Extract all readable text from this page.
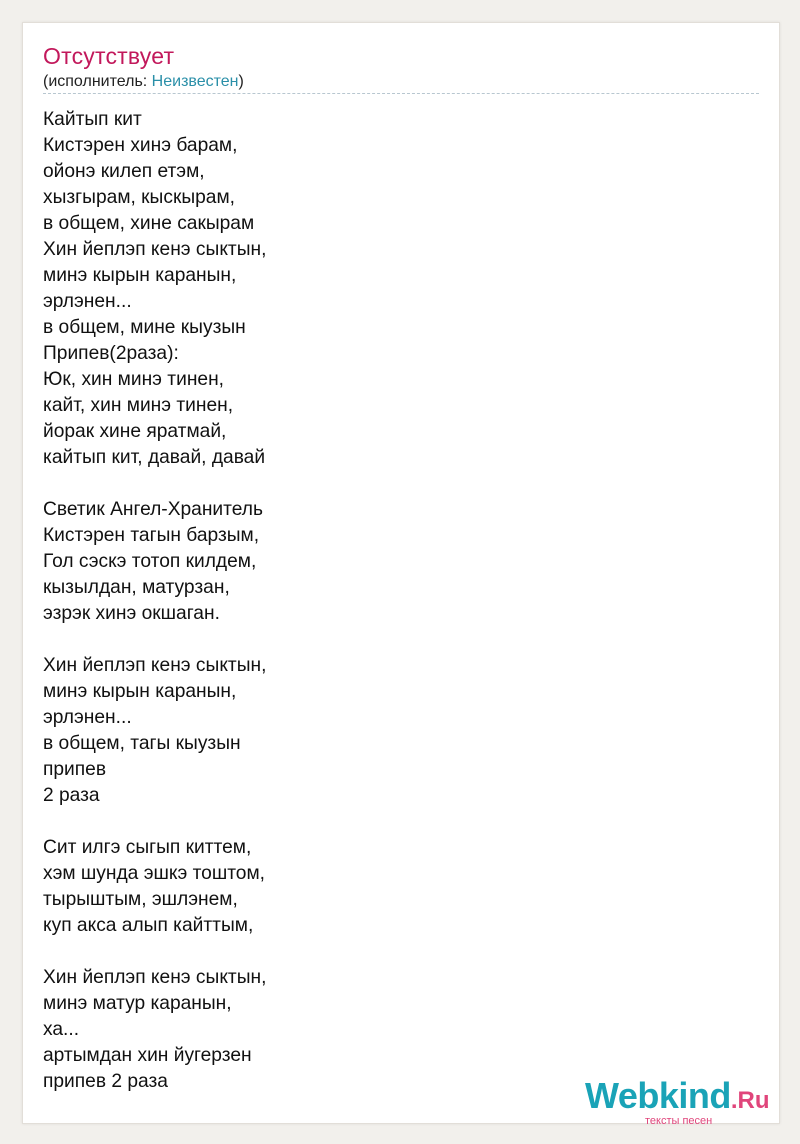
Отсутствует
(исполнитель: Неизвестен)
Кайтып кит
Кистэрен хинэ барам,
ойонэ килеп етэм,
хызгырам, кыскырам,
в общем, хине сакырам
Хин йеплэп кенэ сыктын,
минэ кырын каранын,
эрлэнен...
в общем, мине кыузын
Припев(2раза):
Юк, хин минэ тинен,
кайт, хин минэ тинен,
йорак хине яратмай,
кайтып кит, давай, давай
Светик Ангел-Хранитель
Кистэрен тагын барзым,
Гол сэскэ тотоп килдем,
кызылдан, матурзан,
эзрэк хинэ окшаган.
Хин йеплэп кенэ сыктын,
минэ кырын каранын,
эрлэнен...
в общем, тагы кыузын
припев
2 раза
Сит илгэ сыгып киттем,
хэм шунда эшкэ тоштом,
тырыштым, эшлэнем,
куп акса алып кайттым,
Хин йеплэп кенэ сыктын,
минэ матур каранын,
ха...
артымдан хин йугерзен
припев 2 раза	Webkind.Ru
тексты песен
